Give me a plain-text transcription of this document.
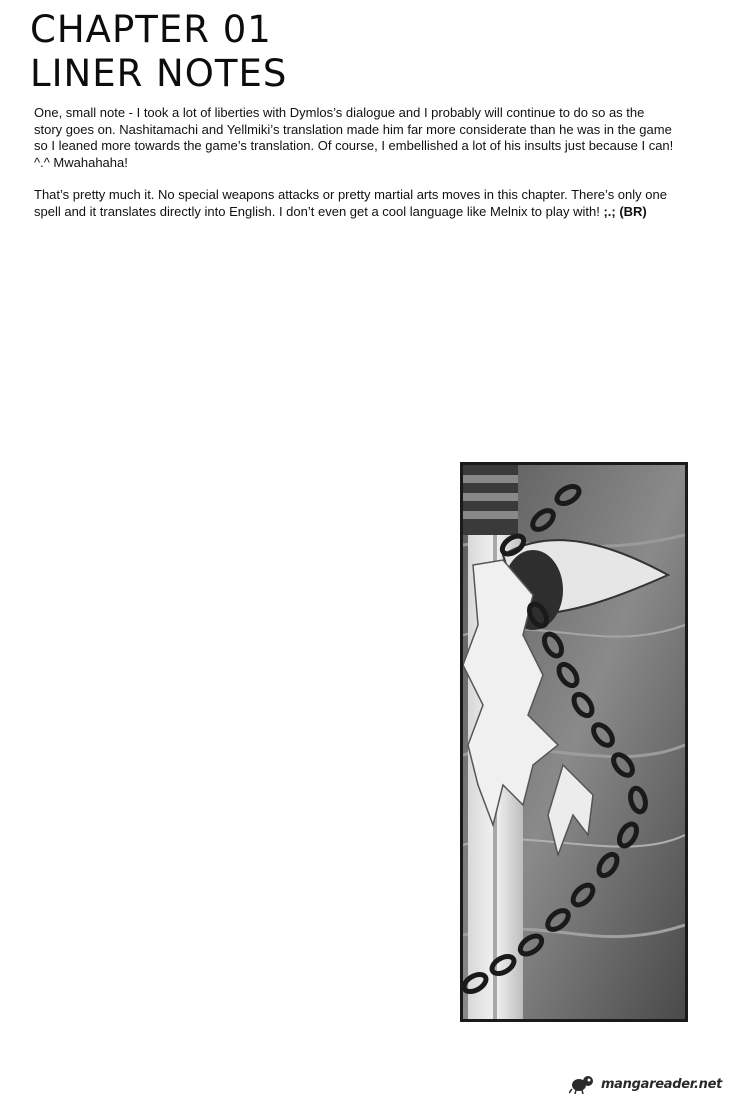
CHAPTER 01
LINER NOTES

One, small note - I took a lot of liberties with Dymlos’s dialogue and I probably will continue to do so as the story goes on. Nashitamachi and Yellmiki’s translation made him far more considerate than he was in the game so I leaned more towards the game’s translation. Of course, I embellished a lot of his insults just because I can! ^.^ Mwahahaha!

That’s pretty much it. No special weapons attacks or pretty martial arts moves in this chapter. There’s only one spell and it translates directly into English. I don’t even get a cool language like Melnix to play with! ;.; (BR)

mangareader.net
